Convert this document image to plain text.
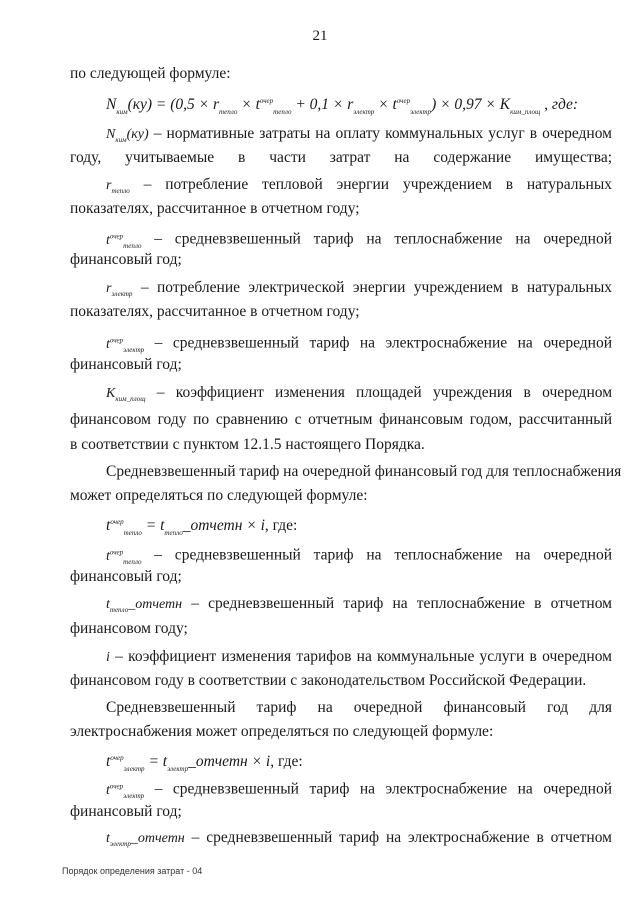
21
по следующей формуле:
$N_{ким}(ку) = (0,5 \times r_{тепло} \times t^{очер}_{тепло} + 0,1 \times r_{электр} \times t^{очер}_{электр}) \times 0,97 \times K_{ким\_площ}$ , где:
$N_{ким}(ку)$ – нормативные затраты на оплату коммунальных услуг в очередном
году, учитываемые в части затрат на содержание имущества;
$r_{тепло}$ – потребление тепловой энергии учреждением в натуральных
показателях, рассчитанное в отчетном году;
$t^{очер}_{тепло}$ – средневзвешенный тариф на теплоснабжение на очередной
финансовый год;
$r_{электр}$ – потребление электрической энергии учреждением в натуральных
показателях, рассчитанное в отчетном году;
$t^{очер}_{электр}$ – средневзвешенный тариф на электроснабжение на очередной
финансовый год;
$K_{ким\_площ}$ – коэффициент изменения площадей учреждения в очередном
финансовом году по сравнению с отчетным финансовым годом, рассчитанный
в соответствии с пунктом 12.1.5 настоящего Порядка.
Средневзвешенный тариф на очередной финансовый год для теплоснабжения
может определяться по следующей формуле:
$t^{очер}_{тепло}$ = $t_{тепло}\_отчетн \times i$, где:
$t^{очер}_{тепло}$ – средневзвешенный тариф на теплоснабжение на очередной
финансовый год;
$t_{тепло}\_отчетн$ – средневзвешенный тариф на теплоснабжение в отчетном
финансовом году;
i – коэффициент изменения тарифов на коммунальные услуги в очередном
финансовом году в соответствии с законодательством Российской Федерации.
Средневзвешенный тариф на очередной финансовый год для
электроснабжения может определяться по следующей формуле:
$t^{очер}_{электр}$ = $t_{электр}\_отчетн \times i$, где:
$t^{очер}_{электр}$ – средневзвешенный тариф на электроснабжение на очередной
финансовый год;
$t_{электр}\_отчетн$ – средневзвешенный тариф на электроснабжение в отчетном
Порядок определения затрат - 04
